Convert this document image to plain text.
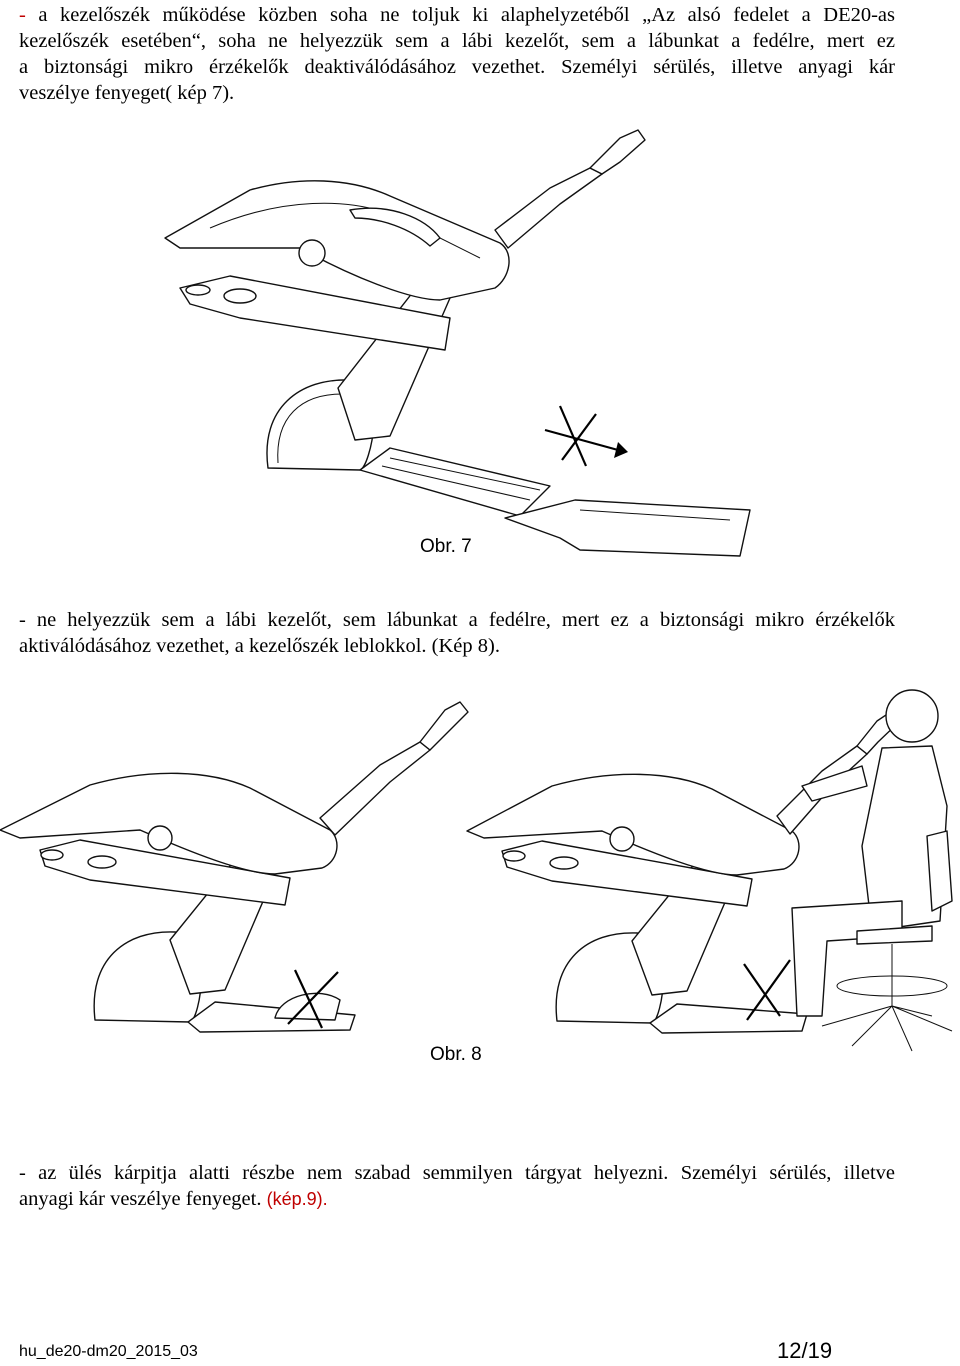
- a kezelőszék működése közben soha ne toljuk ki alaphelyzetéből „Az alsó fedelet a DE20-as
kezelőszék esetében“, soha ne helyezzük sem a lábi kezelőt, sem a lábunkat a fedélre, mert ez
a biztonsági mikro érzékelők deaktiválódásához vezethet. Személyi sérülés, illetve anyagi kár
veszélye fenyeget( kép 7).
Obr. 7
- ne helyezzük sem a lábi kezelőt, sem lábunkat a fedélre, mert ez a biztonsági mikro érzékelők
aktiválódásához vezethet, a kezelőszék leblokkol. (Kép 8).
Obr. 8
- az ülés kárpitja alatti részbe nem szabad semmilyen tárgyat helyezni. Személyi sérülés, illetve
anyagi kár veszélye fenyeget. (kép.9).
hu_de20-dm20_2015_03	12/19
